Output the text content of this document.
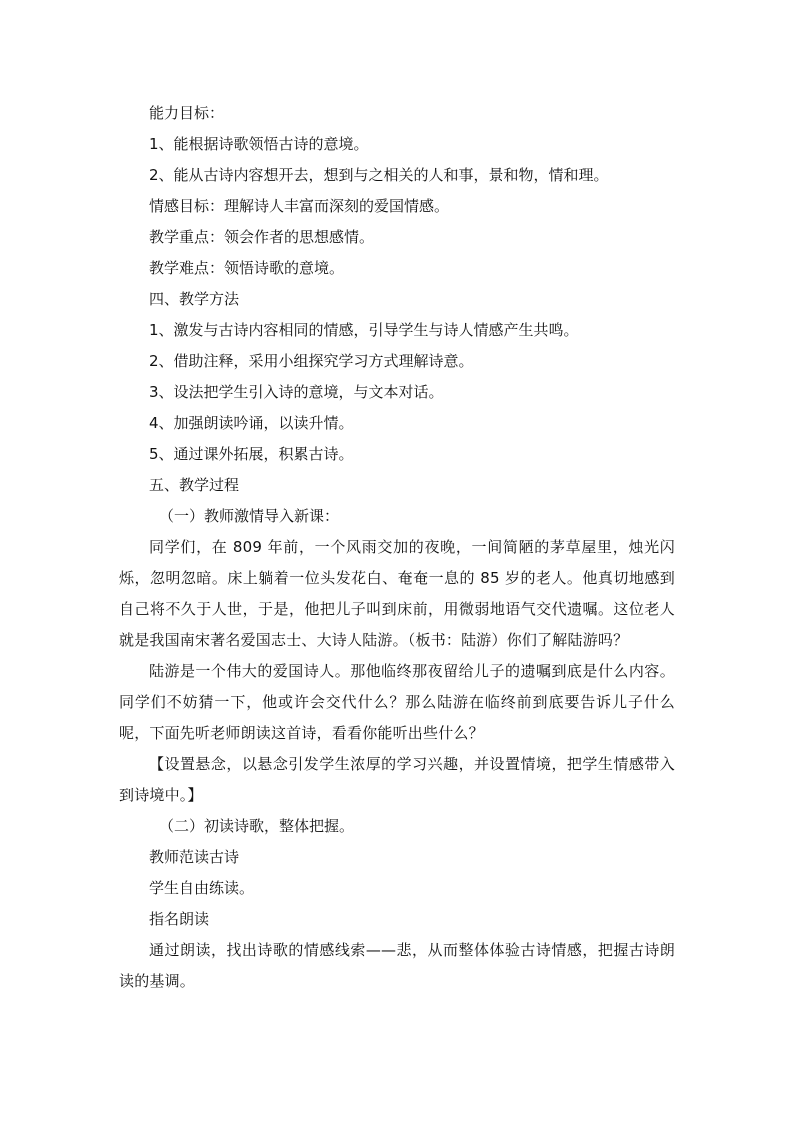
能力目标：

1、能根据诗歌领悟古诗的意境。

2、能从古诗内容想开去，想到与之相关的人和事，景和物，情和理。

情感目标：理解诗人丰富而深刻的爱国情感。

教学重点：领会作者的思想感情。

教学难点：领悟诗歌的意境。

四、教学方法

1、激发与古诗内容相同的情感，引导学生与诗人情感产生共鸣。

2、借助注释，采用小组探究学习方式理解诗意。

3、设法把学生引入诗的意境，与文本对话。

4、加强朗读吟诵，以读升情。

5、通过课外拓展，积累古诗。

五、教学过程

（一）教师激情导入新课：

同学们，在 809 年前，一个风雨交加的夜晚，一间简陋的茅草屋里，烛光闪烁，忽明忽暗。床上躺着一位头发花白、奄奄一息的 85 岁的老人。他真切地感到自己将不久于人世，于是，他把儿子叫到床前，用微弱地语气交代遗嘱。这位老人就是我国南宋著名爱国志士、大诗人陆游。（板书：陆游）你们了解陆游吗？

陆游是一个伟大的爱国诗人。那他临终那夜留给儿子的遗嘱到底是什么内容。同学们不妨猜一下，他或许会交代什么？那么陆游在临终前到底要告诉儿子什么呢，下面先听老师朗读这首诗，看看你能听出些什么？

【设置悬念，以悬念引发学生浓厚的学习兴趣，并设置情境，把学生情感带入到诗境中。】

（二）初读诗歌，整体把握。

教师范读古诗

学生自由练读。

指名朗读

通过朗读，找出诗歌的情感线索——悲，从而整体体验古诗情感，把握古诗朗读的基调。
